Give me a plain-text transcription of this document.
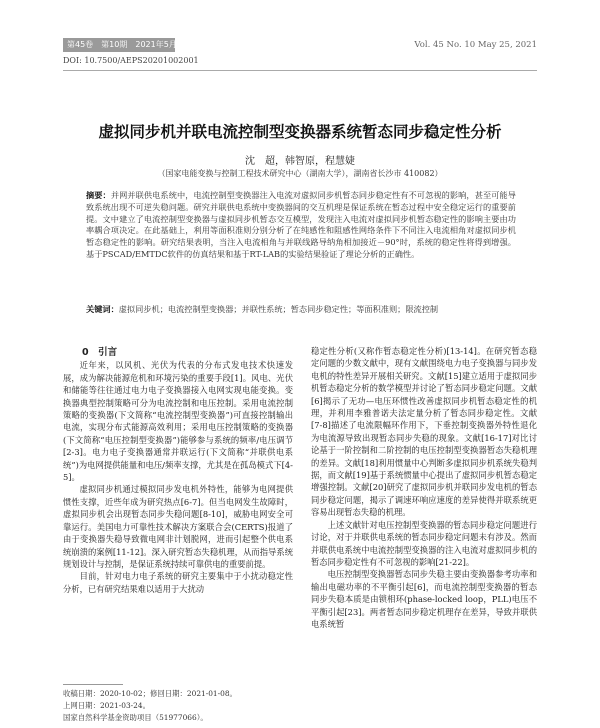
第45卷　第10期　2021年5月25日	Vol. 45 No. 10 May 25, 2021
DOI: 10.7500/AEPS20201002001
虚拟同步机并联电流控制型变换器系统暂态同步稳定性分析
沈　超，韩智原，程慧婕
（国家电能变换与控制工程技术研究中心（湖南大学），湖南省长沙市 410082）
摘要：并网并联供电系统中，电流控制型变换器注入电流对虚拟同步机暂态同步稳定性有不可忽视的影响，甚至可能导致系统出现不可逆失稳问题。研究并联供电系统中变换器间的交互机理是保证系统在暂态过程中安全稳定运行的重要前提。文中建立了电流控制型变换器与虚拟同步机暂态交互模型，发现注入电流对虚拟同步机暂态稳定性的影响主要由功率耦合项决定。在此基础上，利用等面积准则分别分析了在纯感性和阻感性网络条件下不同注入电流相角对虚拟同步机暂态稳定性的影响。研究结果表明，当注入电流相角与并联线路导纳角相加接近－90°时，系统的稳定性将得到增强。基于PSCAD/EMTDC软件的仿真结果和基于RT-LAB的实验结果验证了理论分析的正确性。
关键词：虚拟同步机；电流控制型变换器；并联性系统；暂态同步稳定性；等面积准则；限流控制

0　引言

近年来，以风机、光伏为代表的分布式发电技术快速发展，成为解决能源危机和环境污染的重要手段[1]。风电、光伏和储能等往往通过电力电子变换器接入电网实现电能变换。变换器典型控制策略可分为电流控制和电压控制。采用电流控制策略的变换器(下文简称“电流控制型变换器”)可直接控制输出电流，实现分布式能源高效利用；采用电压控制策略的变换器(下文简称“电压控制型变换器”)能够参与系统的频率/电压调节[2-3]。电力电子变换器通常并联运行(下文简称“并联供电系统”)为电网提供能量和电压/频率支撑，尤其是在孤岛模式下[4-5]。

虚拟同步机通过模拟同步发电机外特性，能够为电网提供惯性支撑，近些年成为研究热点[6-7]。但当电网发生故障时，虚拟同步机会出现暂态同步失稳问题[8-10]，威胁电网安全可靠运行。美国电力可靠性技术解决方案联合会(CERTS)报道了由于变换器失稳导致微电网非计划脱网，进而引起整个供电系统崩溃的案例[11-12]。深入研究暂态失稳机理，从而指导系统规划设计与控制，是保证系统持续可靠供电的重要前提。

目前，针对电力电子系统的研究主要集中于小扰动稳定性分析，已有研究结果难以适用于大扰动

稳定性分析(又称作暂态稳定性分析)[13-14]。在研究暂态稳定问题的少数文献中，现有文献围绕电力电子变换器与同步发电机的特性差异开展相关研究。文献[15]建立适用于虚拟同步机暂态稳定分析的数学模型并讨论了暂态同步稳定问题。文献[6]揭示了无功—电压环惯性改善虚拟同步机暂态稳定性的机理，并利用李雅普诺夫法定量分析了暂态同步稳定性。文献[7-8]描述了电流限幅环作用下，下垂控制变换器外特性退化为电流源导致出现暂态同步失稳的现象。文献[16-17]对比讨论基于一阶控制和二阶控制的电压控制型变换器暂态失稳机理的差异。文献[18]利用惯量中心判断多虚拟同步机系统失稳判据，而文献[19]基于系统惯量中心提出了虚拟同步机暂态稳定增强控制。文献[20]研究了虚拟同步机并联同步发电机的暂态同步稳定问题，揭示了调速环响应速度的差异使得并联系统更容易出现暂态失稳的机理。

上述文献针对电压控制型变换器的暂态同步稳定问题进行讨论，对于并联供电系统的暂态同步稳定问题未有涉及。然而并联供电系统中电流控制型变换器的注入电流对虚拟同步机的暂态同步稳定性有不可忽视的影响[21-22]。

电压控制型变换器暂态同步失稳主要由变换器参考功率和输出电磁功率的不平衡引起[6]，而电流控制型变换器的暂态同步失稳本质是由锁相环(phase-locked loop，PLL)电压不平衡引起[23]。两者暂态同步稳定机理存在差异，导致并联供电系统暂

收稿日期：2020-10-02；修回日期：2021-01-08。
上网日期：2021-03-24。
国家自然科学基金资助项目（51977066）。
